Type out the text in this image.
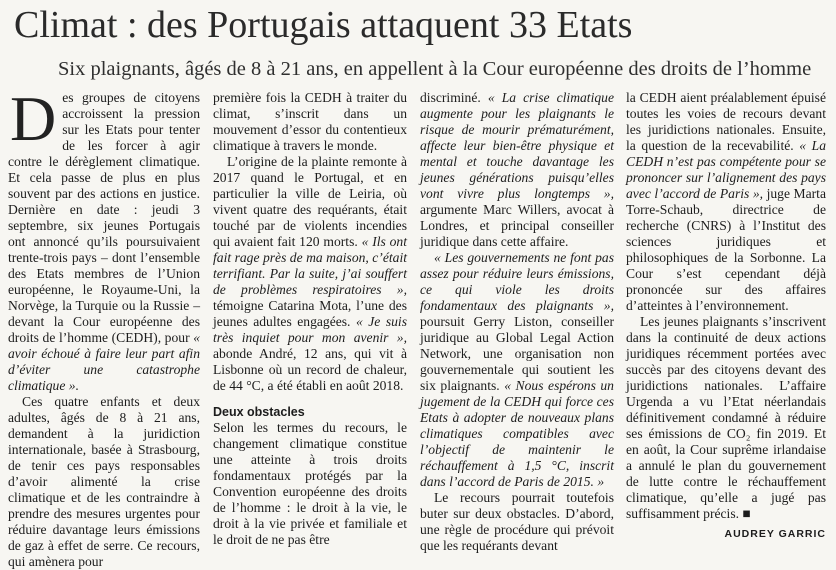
Climat : des Portugais attaquent 33 Etats
Six plaignants, âgés de 8 à 21 ans, en appellent à la Cour européenne des droits de l’homme

Des groupes de citoyens accroissent la pression sur les Etats pour tenter de les forcer à agir contre le dérèglement climatique. Et cela passe de plus en plus souvent par des actions en justice. Dernière en date : jeudi 3 septembre, six jeunes Portugais ont annoncé qu’ils poursuivaient trente-trois pays – dont l’ensemble des Etats membres de l’Union européenne, le Royaume-Uni, la Norvège, la Turquie ou la Russie – devant la Cour européenne des droits de l’homme (CEDH), pour « avoir échoué à faire leur part afin d’éviter une catastrophe climatique ».

Ces quatre enfants et deux adultes, âgés de 8 à 21 ans, demandent à la juridiction internationale, basée à Strasbourg, de tenir ces pays responsables d’avoir alimenté la crise climatique et de les contraindre à prendre des mesures urgentes pour réduire davantage leurs émissions de gaz à effet de serre. Ce recours, qui amènera pour

première fois la CEDH à traiter du climat, s’inscrit dans un mouvement d’essor du contentieux climatique à travers le monde.

L’origine de la plainte remonte à 2017 quand le Portugal, et en particulier la ville de Leiria, où vivent quatre des requérants, était touché par de violents incendies qui avaient fait 120 morts. « Ils ont fait rage près de ma maison, c’était terrifiant. Par la suite, j’ai souffert de problèmes respiratoires », témoigne Catarina Mota, l’une des jeunes adultes engagées. « Je suis très inquiet pour mon avenir », abonde André, 12 ans, qui vit à Lisbonne où un record de chaleur, de 44 °C, a été établi en août 2018.

Deux obstacles

Selon les termes du recours, le changement climatique constitue une atteinte à trois droits fondamentaux protégés par la Convention européenne des droits de l’homme : le droit à la vie, le droit à la vie privée et familiale et le droit de ne pas être

discriminé. « La crise climatique augmente pour les plaignants le risque de mourir prématurément, affecte leur bien-être physique et mental et touche davantage les jeunes générations puisqu’elles vont vivre plus longtemps », argumente Marc Willers, avocat à Londres, et principal conseiller juridique dans cette affaire.

« Les gouvernements ne font pas assez pour réduire leurs émissions, ce qui viole les droits fondamentaux des plaignants », poursuit Gerry Liston, conseiller juridique au Global Legal Action Network, une organisation non gouvernementale qui soutient les six plaignants. « Nous espérons un jugement de la CEDH qui force ces Etats à adopter de nouveaux plans climatiques compatibles avec l’objectif de maintenir le réchauffement à 1,5 °C, inscrit dans l’accord de Paris de 2015. »

Le recours pourrait toutefois buter sur deux obstacles. D’abord, une règle de procédure qui prévoit que les requérants devant

la CEDH aient préalablement épuisé toutes les voies de recours devant les juridictions nationales. Ensuite, la question de la recevabilité. « La CEDH n’est pas compétente pour se prononcer sur l’alignement des pays avec l’accord de Paris », juge Marta Torre-Schaub, directrice de recherche (CNRS) à l’Institut des sciences juridiques et philosophiques de la Sorbonne. La Cour s’est cependant déjà prononcée sur des affaires d’atteintes à l’environnement.

Les jeunes plaignants s’inscrivent dans la continuité de deux actions juridiques récemment portées avec succès par des citoyens devant des juridictions nationales. L’affaire Urgenda a vu l’Etat néerlandais définitivement condamné à réduire ses émissions de CO₂ fin 2019. Et en août, la Cour suprême irlandaise a annulé le plan du gouvernement de lutte contre le réchauffement climatique, qu’elle a jugé pas suffisamment précis. ■

AUDREY GARRIC
